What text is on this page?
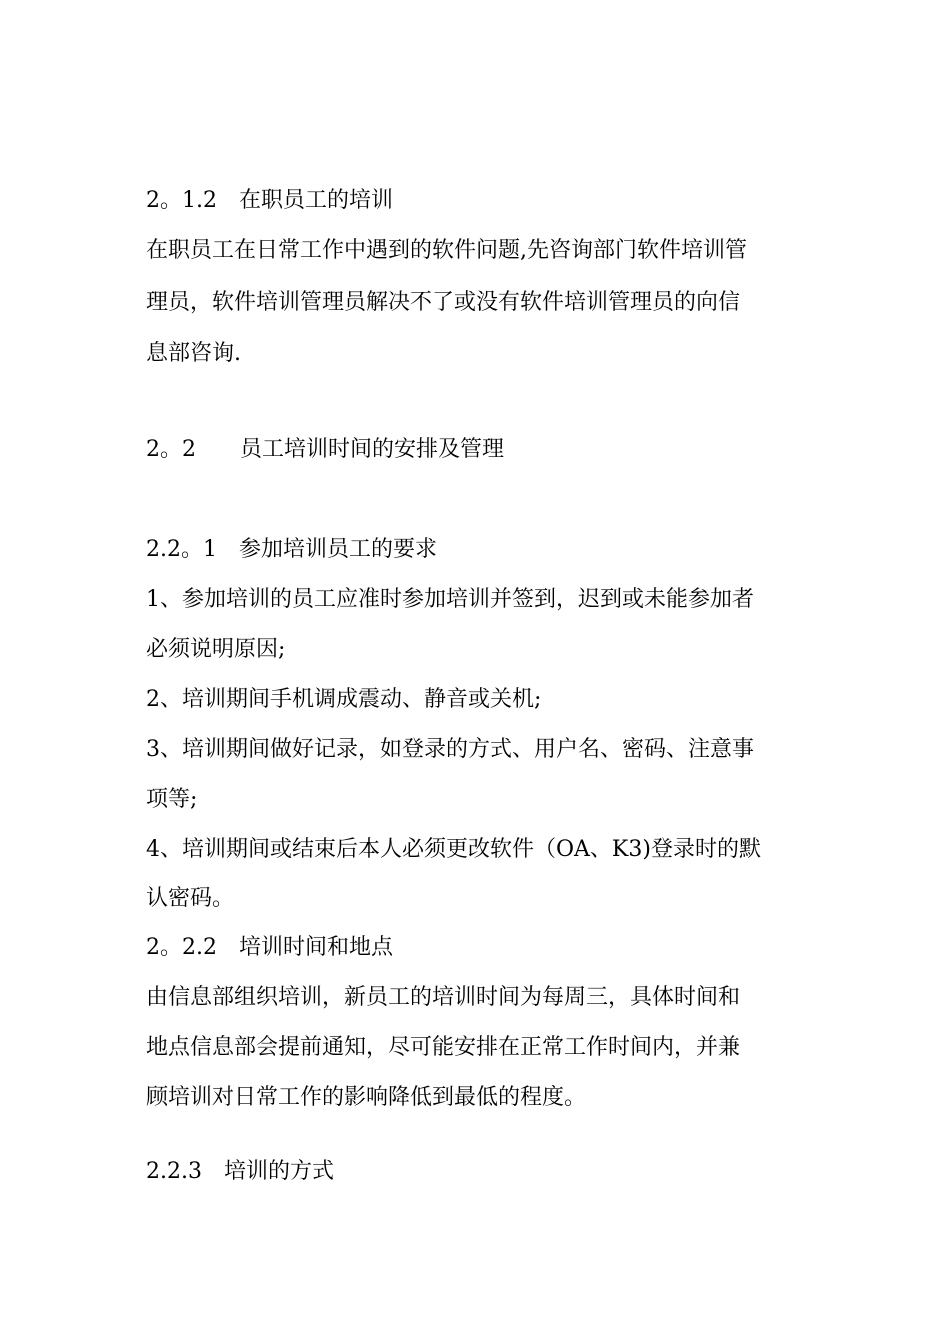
2。1.2　在职员工的培训
在职员工在日常工作中遇到的软件问题,先咨询部门软件培训管
理员，软件培训管理员解决不了或没有软件培训管理员的向信
息部咨询.
2。2　　员工培训时间的安排及管理
2.2。1　参加培训员工的要求
1、参加培训的员工应准时参加培训并签到，迟到或未能参加者
必须说明原因;
2、培训期间手机调成震动、静音或关机;
3、培训期间做好记录，如登录的方式、用户名、密码、注意事
项等;
4、培训期间或结束后本人必须更改软件（OA、K3)登录时的默
认密码。
2。2.2　培训时间和地点
由信息部组织培训，新员工的培训时间为每周三，具体时间和
地点信息部会提前通知，尽可能安排在正常工作时间内，并兼
顾培训对日常工作的影响降低到最低的程度。
2.2.3　培训的方式
